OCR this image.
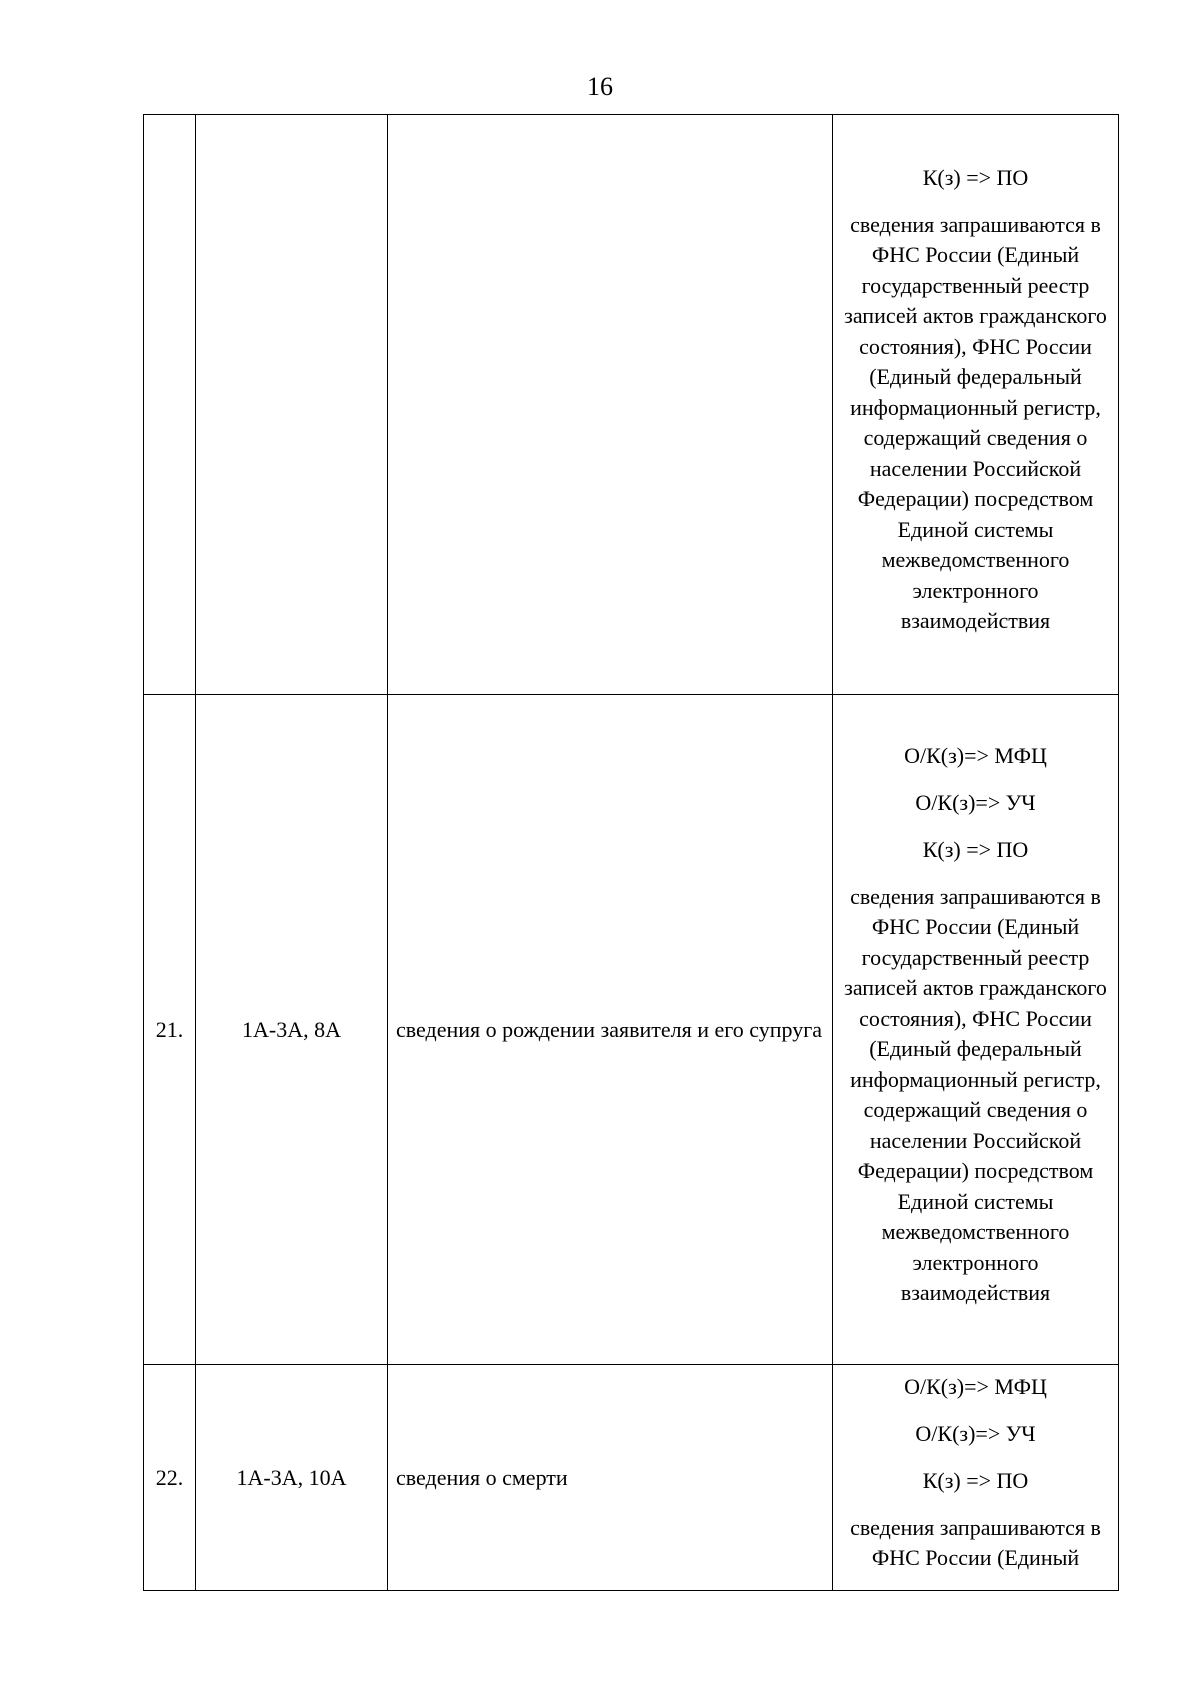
16

			К(з) => ПО
сведения запрашиваются в ФНС России (Единый государственный реестр записей актов гражданского состояния), ФНС России (Единый федеральный информационный регистр, содержащий сведения о населении Российской Федерации) посредством Единой системы межведомственного электронного взаимодействия

21.	1А-3А, 8А	сведения о рождении заявителя и его супруга	О/К(з)=> МФЦ
О/К(з)=> УЧ
К(з) => ПО
сведения запрашиваются в ФНС России (Единый государственный реестр записей актов гражданского состояния), ФНС России (Единый федеральный информационный регистр, содержащий сведения о населении Российской Федерации) посредством Единой системы межведомственного электронного взаимодействия

22.	1А-3А, 10А	сведения о смерти	О/К(з)=> МФЦ
О/К(з)=> УЧ
К(з) => ПО
сведения запрашиваются в ФНС России (Единый
